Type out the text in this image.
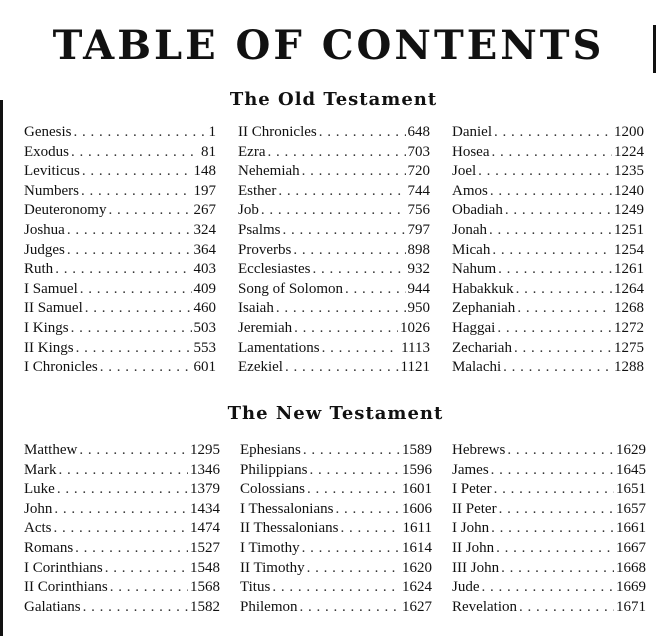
TABLE OF CONTENTS
The Old Testament
Genesis . . .	1
Exodus . . .	81
Leviticus . . .	148
Numbers . . .	197
Deuteronomy . . .	267
Joshua . . .	324
Judges . . .	364
Ruth . . .	403
I Samuel . . .	409
II Samuel . . .	460
I Kings . . .	503
II Kings . . .	553
I Chronicles . . .	601
II Chronicles . . .	648
Ezra . . .	703
Nehemiah . . .	720
Esther . . .	744
Job . . .	756
Psalms . . .	797
Proverbs . . .	898
Ecclesiastes . . .	932
Song of Solomon . . .	944
Isaiah . . .	950
Jeremiah . . .	1026
Lamentations . . .	1113
Ezekiel . . .	1121
Daniel . . .	1200
Hosea . . .	1224
Joel . . .	1235
Amos . . .	1240
Obadiah . . .	1249
Jonah . . .	1251
Micah . . .	1254
Nahum . . .	1261
Habakkuk . . .	1264
Zephaniah . . .	1268
Haggai . . .	1272
Zechariah . . .	1275
Malachi . . .	1288
The New Testament
Matthew . . .	1295
Mark . . .	1346
Luke . . .	1379
John . . .	1434
Acts . . .	1474
Romans . . .	1527
I Corinthians . . .	1548
II Corinthians . . .	1568
Galatians . . .	1582
Ephesians . . .	1589
Philippians . . .	1596
Colossians . . .	1601
I Thessalonians . . .	1606
II Thessalonians . . .	1611
I Timothy . . .	1614
II Timothy . . .	1620
Titus . . .	1624
Philemon . . .	1627
Hebrews . . .	1629
James . . .	1645
I Peter . . .	1651
II Peter . . .	1657
I John . . .	1661
II John . . .	1667
III John . . .	1668
Jude . . .	1669
Revelation . . .	1671
